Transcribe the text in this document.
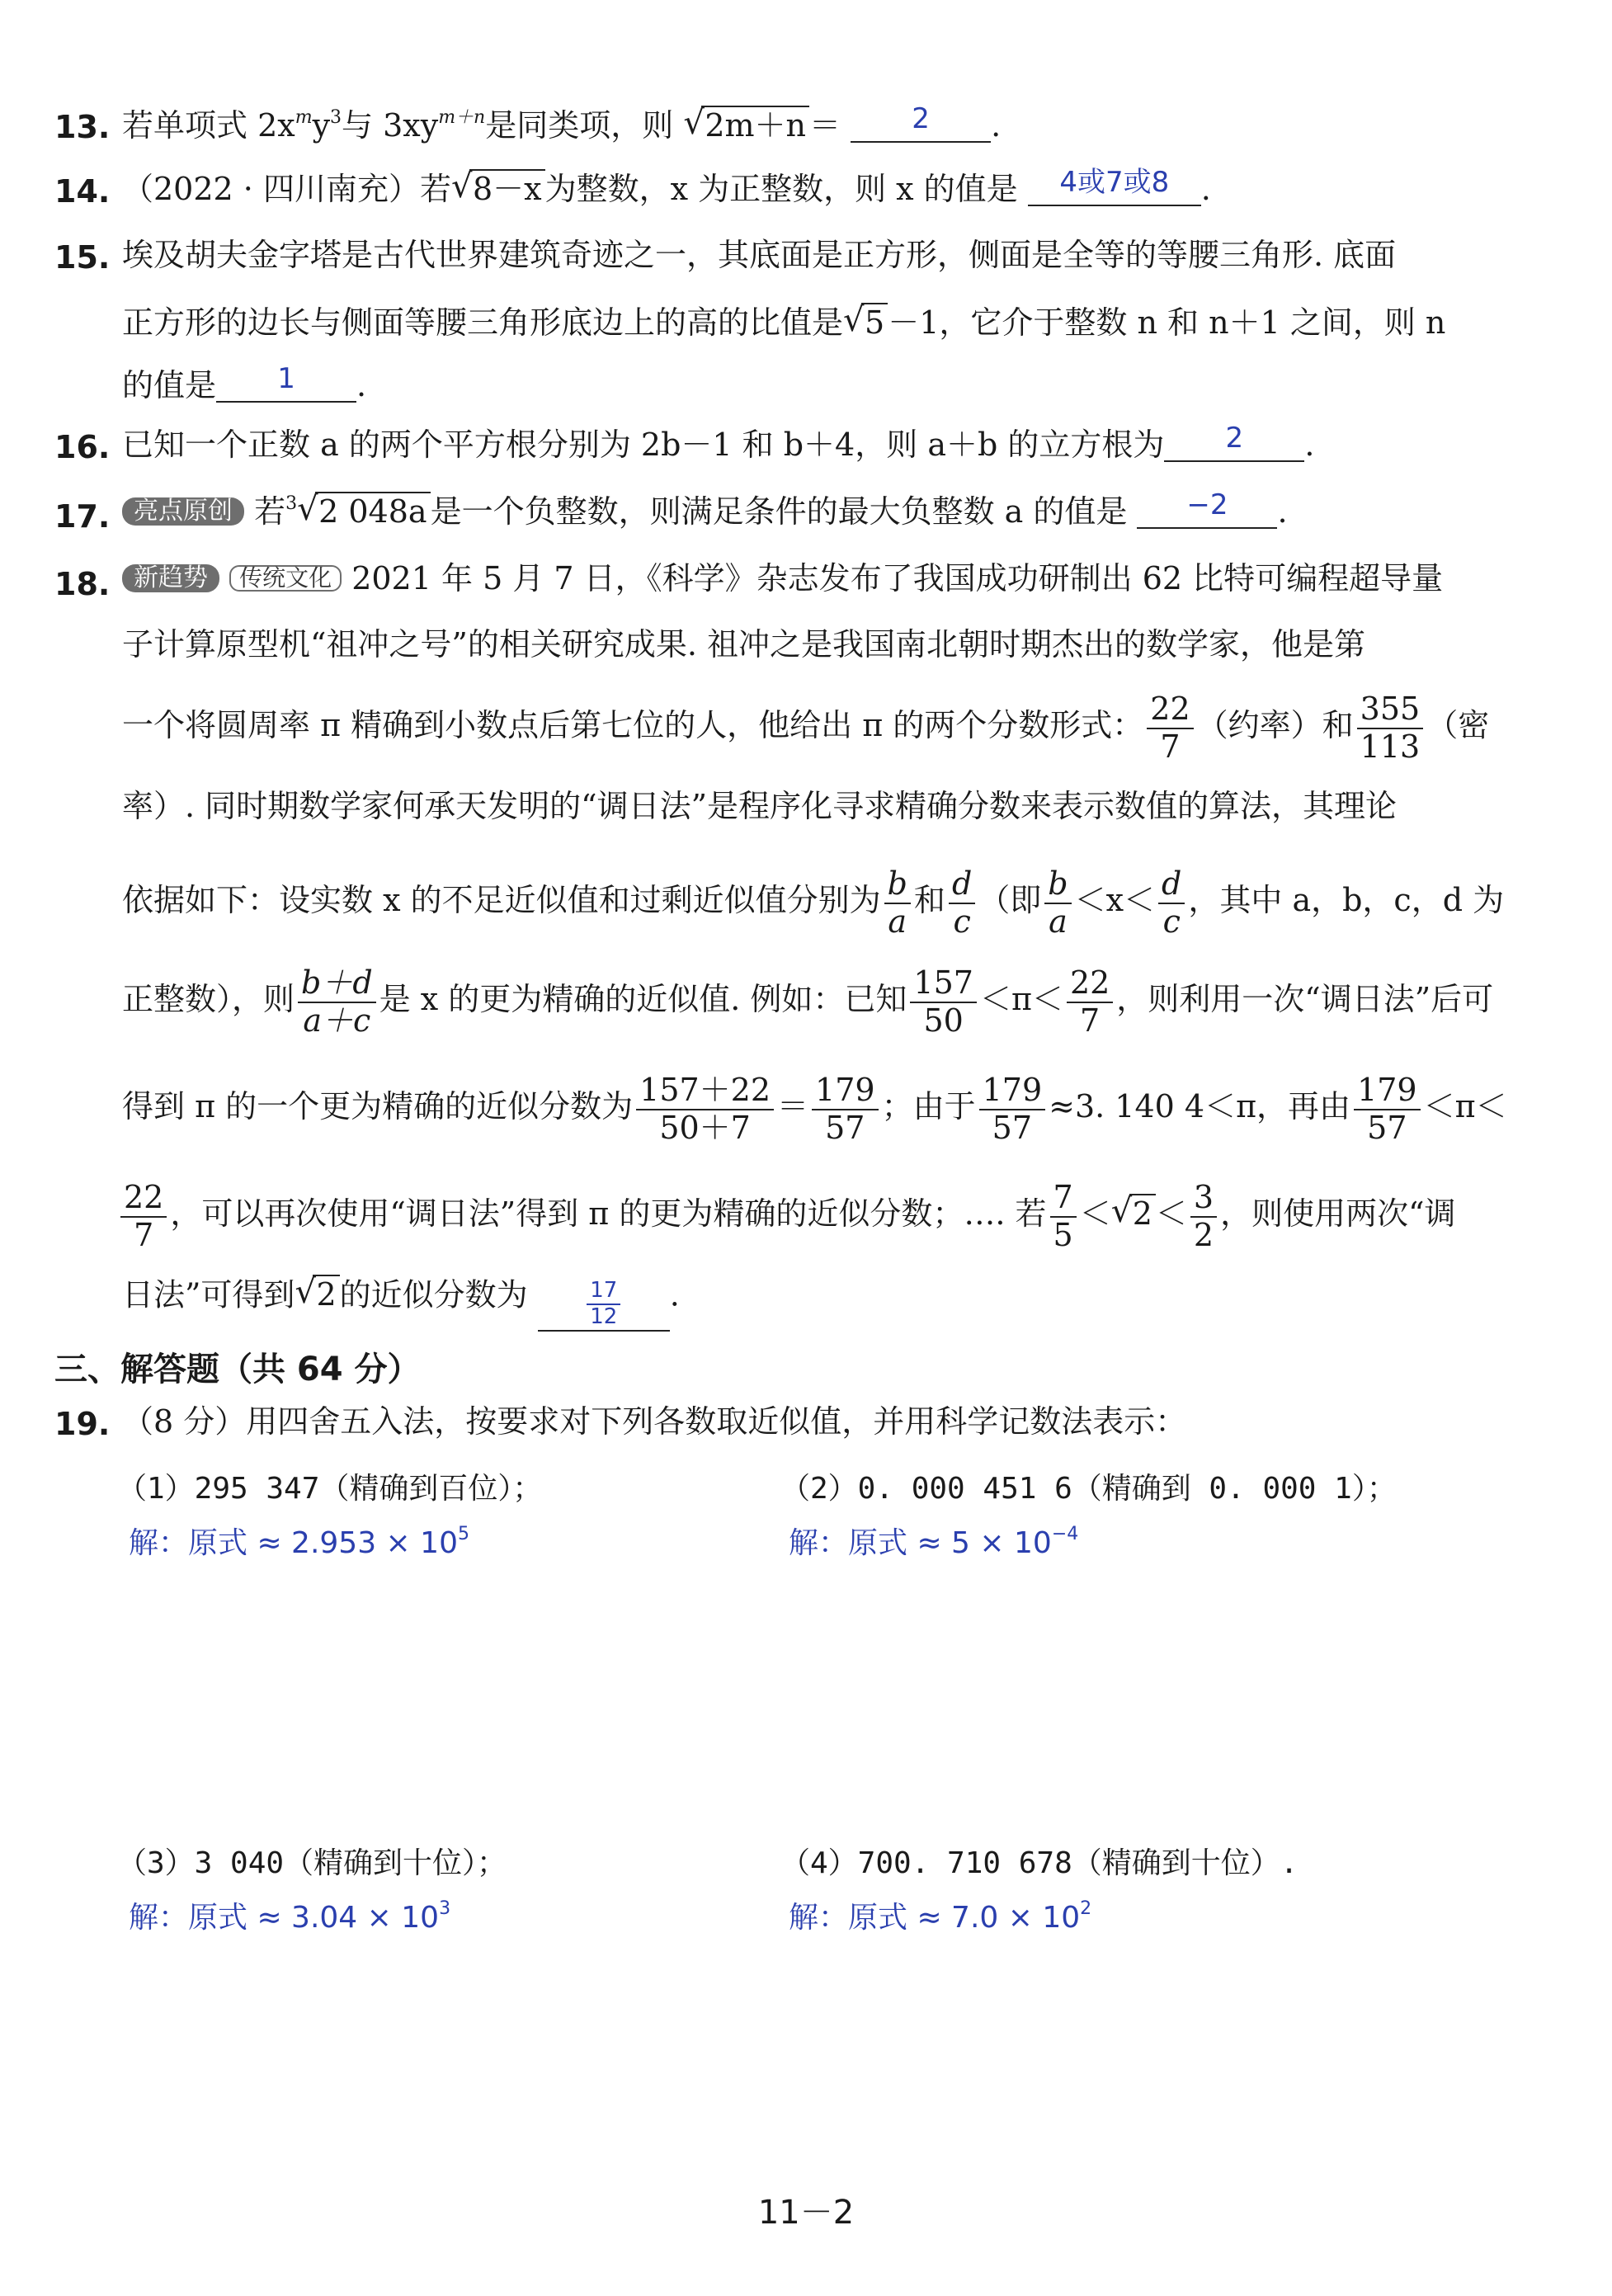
13. 若单项式 $2x^my^3$与 $3xy^{m+n}$是同类项，则 √ 2m＋n ＝	2 .
14. （2022 · 四川南充）若 √ 8－x 为整数，x 为正整数，则 x 的值是 4或7或8 .
15. 埃及胡夫金字塔是古代世界建筑奇迹之一，其底面是正方形，侧面是全等的等腰三角形. 底面
正方形的边长与侧面等腰三角形底边上的高的比值是 √ 5 －1，它介于整数 n 和 n＋1 之间，则 n
的值是 1 .
16. 已知一个正数 a 的两个平方根分别为 2b－1 和 b＋4，则 a＋b 的立方根为 2 .
17. 亮点原创 若$^3$ √ 2 048a 是一个负整数，则满足条件的最大负整数 a 的值是 −2 .
18. 新趋势 传统文化 2021 年 5 月 7 日，《科学》杂志发布了我国成功研制出 62 比特可编程超导量
子计算原型机“祖冲之号”的相关研究成果. 祖冲之是我国南北朝时期杰出的数学家，他是第
一个将圆周率 π 精确到小数点后第七位的人，他给出 π 的两个分数形式： $\frac{22}{7}$ （约率）和 $\frac{355}{113}$ （密
率）. 同时期数学家何承天发明的“调日法”是程序化寻求精确分数来表示数值的算法，其理论
依据如下：设实数 x 的不足近似值和过剩近似值分别为 $\frac{b}{a}$ 和 $\frac{d}{c}$ （即 $\frac{b}{a} <x< \frac{d}{c}$ ，其中 a，b，c，d 为
正整数），则 $\frac{b+d}{a+c}$ 是 x 的更为精确的近似值. 例如：已知 $\frac{157}{50} <\pi< \frac{22}{7}$ ，则利用一次“调日法”后可
得到 π 的一个更为精确的近似分数为 $\frac{157+22}{50+7} = \frac{179}{57}$ ；由于 $\frac{179}{57} \approx 3$. 140 4＜π，再由 $\frac{179}{57} <\pi<$
$\frac{22}{7}$ ，可以再次使用“调日法”得到 π 的更为精确的近似分数；…. 若 $\frac{7}{5}$ ＜ √ $2 < \frac{3}{2}$ ，则使用两次“调
日法”可得到 √ 2 的近似分数为	$\frac{17}{12}$ .
三、解答题（共 64 分）
19. （8 分）用四舍五入法，按要求对下列各数取近似值，并用科学记数法表示：
（1）295 347（精确到百位）；	（2）0. 000 451 6（精确到 0. 000 1）；
解：原式 ≈ $2.953 \times 10^5$	解：原式 ≈ $5 \times 10^{-4}$
（3）3 040（精确到十位）；	（4）700. 710 678（精确到十位）.
解：原式 ≈ $3.04 \times 10^3$	解：原式 ≈ $7.0 \times 10^2$
11－2
